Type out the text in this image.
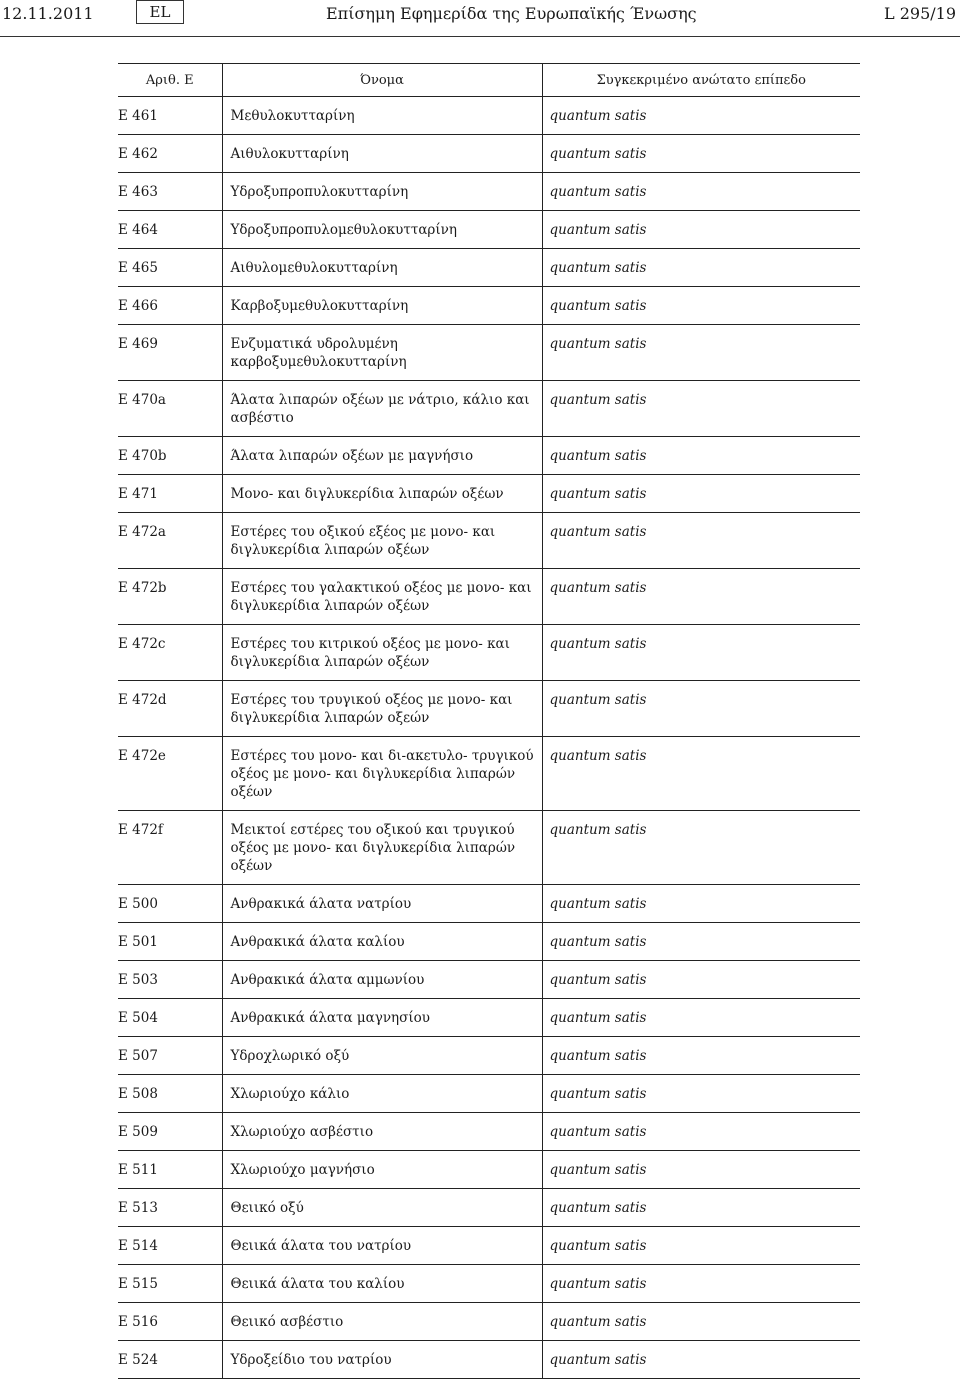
12.11.2011	EL	Επίσημη Εφημερίδα της Ευρωπαϊκής Ένωσης	L 295/19
Αριθ. Ε	Όνομα	Συγκεκριμένο ανώτατο επίπεδο
E 461	Μεθυλοκυτταρίνη	quantum satis
E 462	Αιθυλοκυτταρίνη	quantum satis
E 463	Υδροξυπροπυλοκυτταρίνη	quantum satis
E 464	Υδροξυπροπυλομεθυλοκυτταρίνη	quantum satis
E 465	Αιθυλομεθυλοκυτταρίνη	quantum satis
E 466	Καρβοξυμεθυλοκυτταρίνη	quantum satis
E 469	Ενζυματικά υδρολυμένη καρβοξυμεθυλοκυτταρίνη	quantum satis
E 470a	Άλατα λιπαρών οξέων με νάτριο, κάλιο και ασβέστιο	quantum satis
E 470b	Άλατα λιπαρών οξέων με μαγνήσιο	quantum satis
E 471	Μονο- και διγλυκερίδια λιπαρών οξέων	quantum satis
E 472a	Εστέρες του οξικού εξέος με μονο- και διγλυκερίδια λιπαρών οξέων	quantum satis
E 472b	Εστέρες του γαλακτικού οξέος με μονο- και διγλυκερίδια λιπαρών οξέων	quantum satis
E 472c	Εστέρες του κιτρικού οξέος με μονο- και διγλυκερίδια λιπαρών οξέων	quantum satis
E 472d	Εστέρες του τρυγικού οξέος με μονο- και διγλυκερίδια λιπαρών οξεών	quantum satis
E 472e	Εστέρες του μονο- και δι-ακετυλο- τρυγικού οξέος με μονο- και διγλυκερίδια λιπαρών οξέων	quantum satis
E 472f	Μεικτοί εστέρες του οξικού και τρυγικού οξέος με μονο- και διγλυκερίδια λιπαρών οξέων	quantum satis
E 500	Ανθρακικά άλατα νατρίου	quantum satis
E 501	Ανθρακικά άλατα καλίου	quantum satis
E 503	Ανθρακικά άλατα αμμωνίου	quantum satis
E 504	Ανθρακικά άλατα μαγνησίου	quantum satis
E 507	Υδροχλωρικό οξύ	quantum satis
E 508	Χλωριούχο κάλιο	quantum satis
E 509	Χλωριούχο ασβέστιο	quantum satis
E 511	Χλωριούχο μαγνήσιο	quantum satis
E 513	Θειικό οξύ	quantum satis
E 514	Θειικά άλατα του νατρίου	quantum satis
E 515	Θειικά άλατα του καλίου	quantum satis
E 516	Θειικό ασβέστιο	quantum satis
E 524	Υδροξείδιο του νατρίου	quantum satis
